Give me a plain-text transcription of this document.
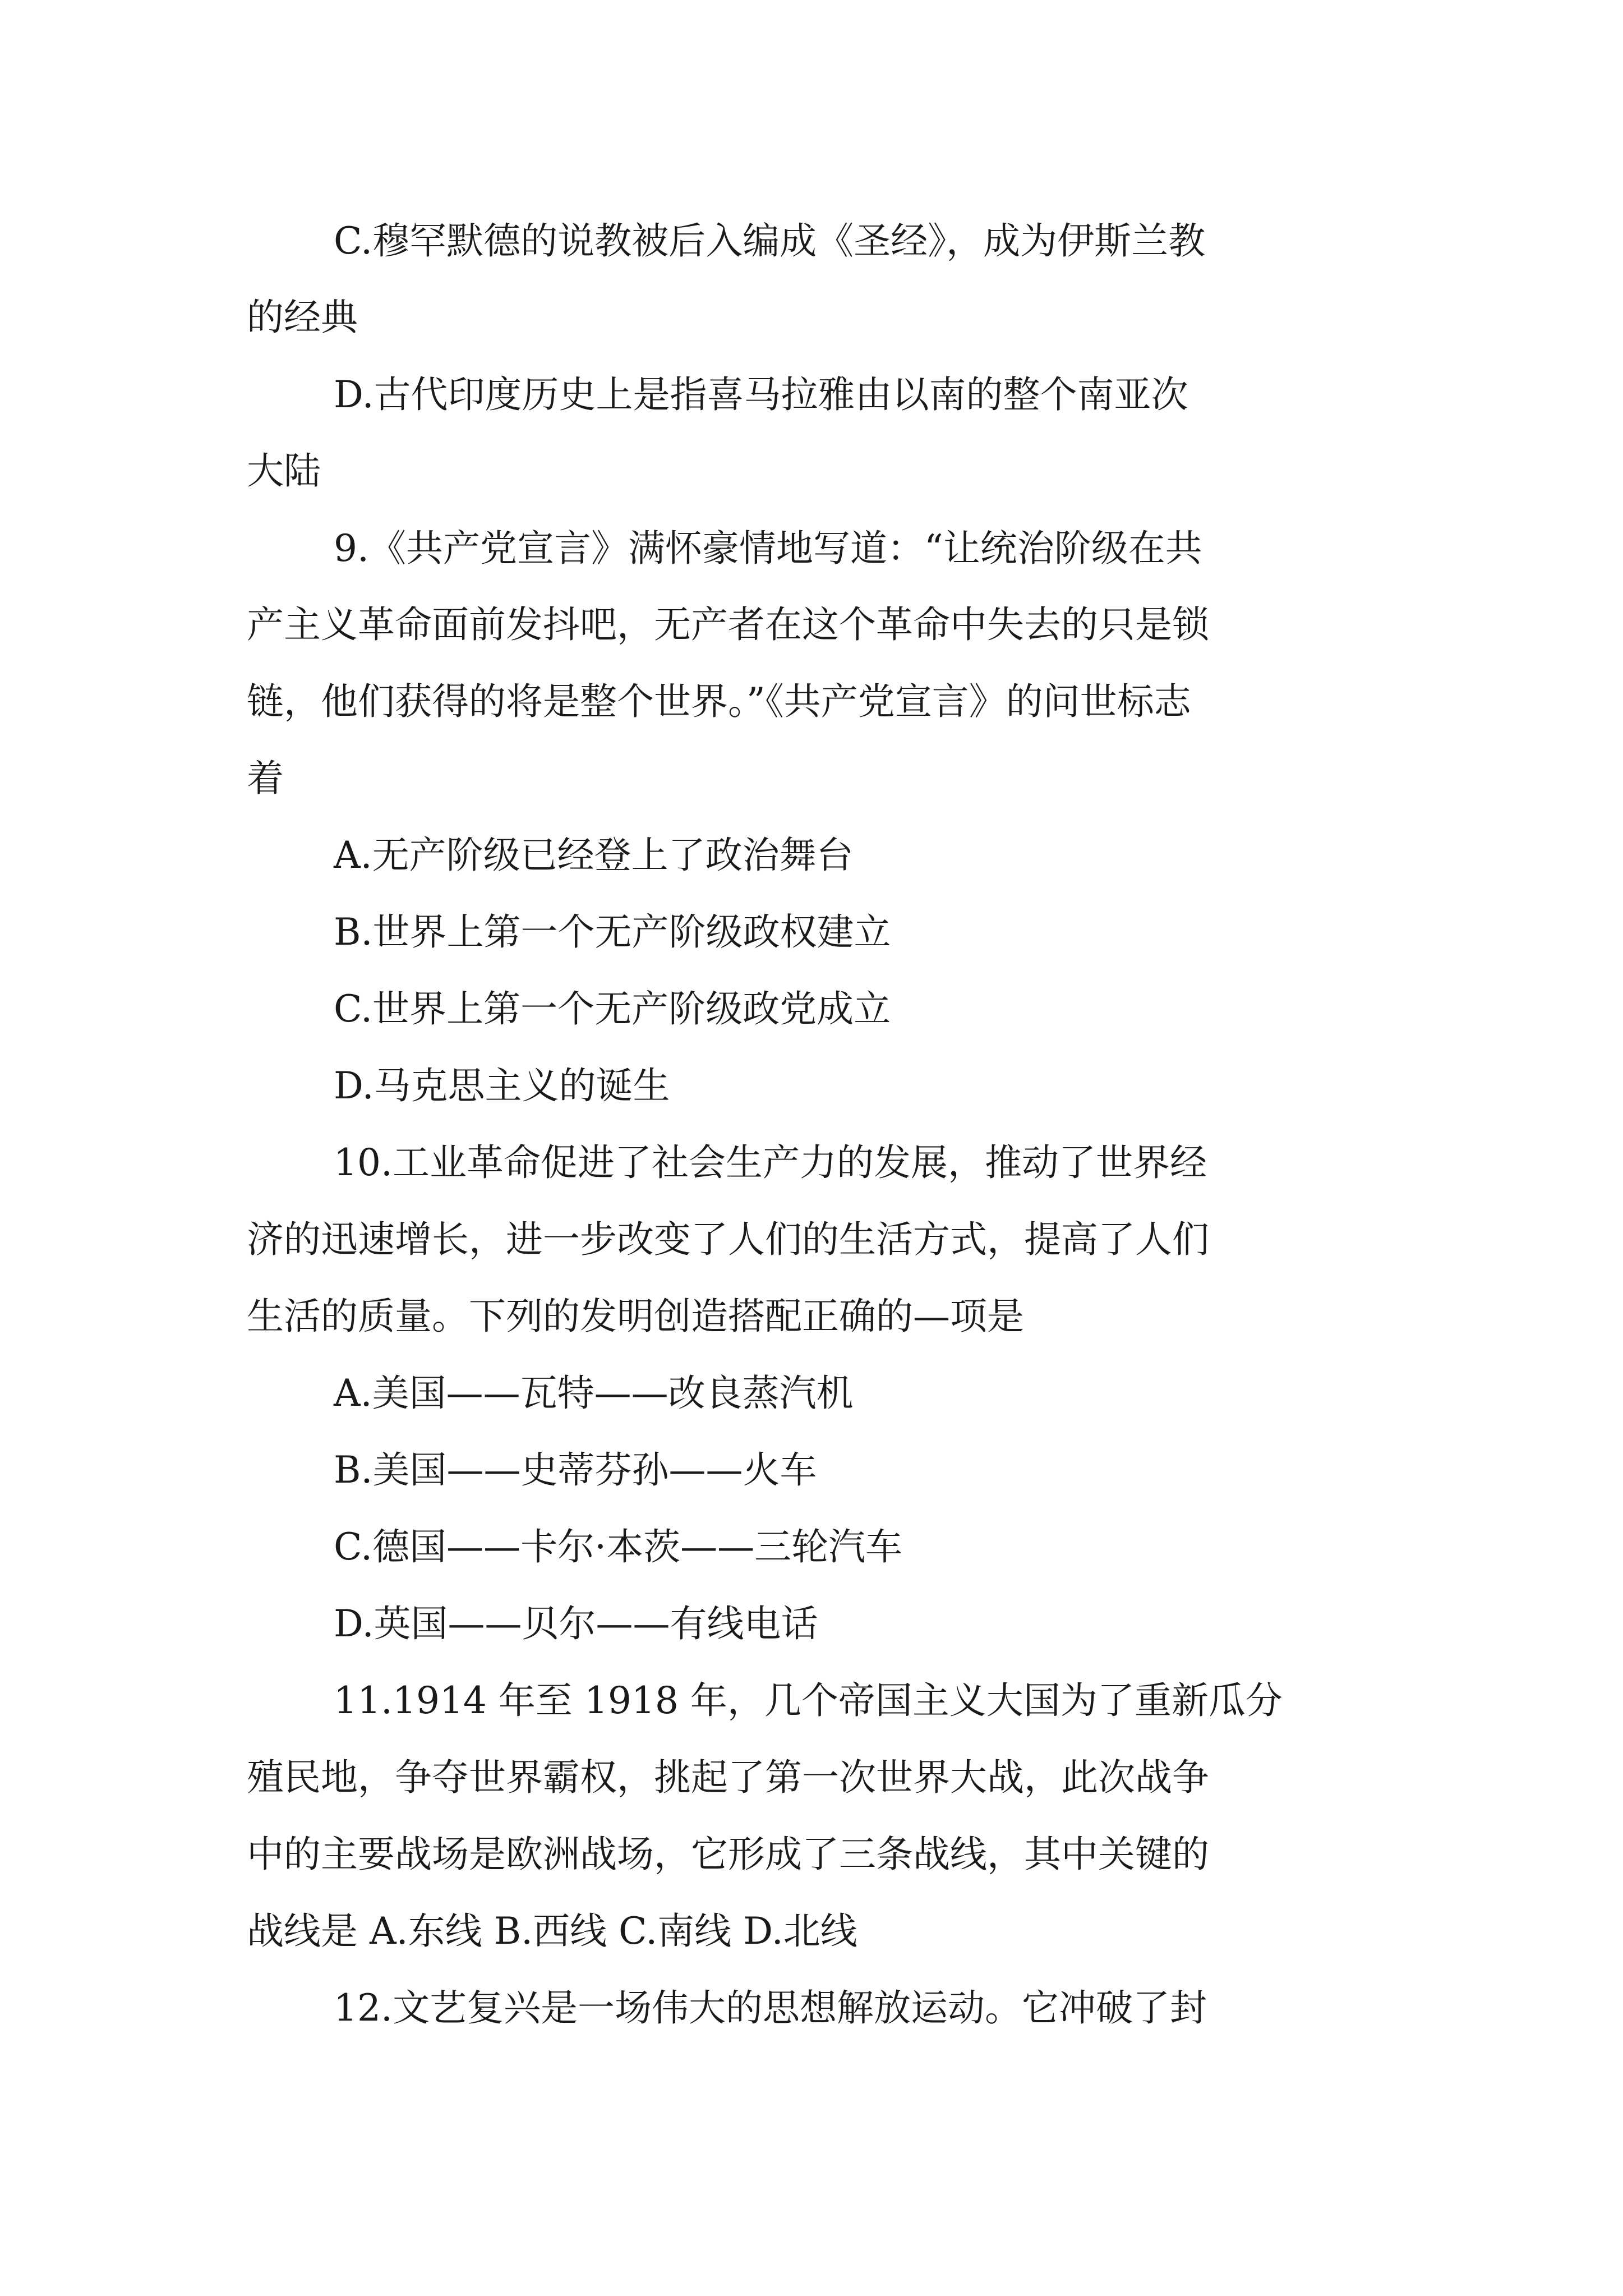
C.穆罕默德的说教被后入编成《圣经》，成为伊斯兰教
的经典
D.古代印度历史上是指喜马拉雅由以南的整个南亚次
大陆
9.《共产党宣言》满怀豪情地写道：“让统治阶级在共
产主义革命面前发抖吧，无产者在这个革命中失去的只是锁
链，他们获得的将是整个世界。”《共产党宣言》的问世标志
着
A.无产阶级已经登上了政治舞台
B.世界上第一个无产阶级政权建立
C.世界上第一个无产阶级政党成立
D.马克思主义的诞生
10.工业革命促进了社会生产力的发展，推动了世界经
济的迅速增长，进一步改变了人们的生活方式，提高了人们
生活的质量。下列的发明创造搭配正确的—项是
A.美国——瓦特——改良蒸汽机
B.美国——史蒂芬孙——火车
C.德国——卡尔·本茨——三轮汽车
D.英国——贝尔——有线电话
11.1914 年至 1918 年，几个帝国主义大国为了重新瓜分
殖民地，争夺世界霸权，挑起了第一次世界大战，此次战争
中的主要战场是欧洲战场，它形成了三条战线，其中关键的
战线是 A.东线 B.西线 C.南线 D.北线
12.文艺复兴是一场伟大的思想解放运动。它冲破了封
